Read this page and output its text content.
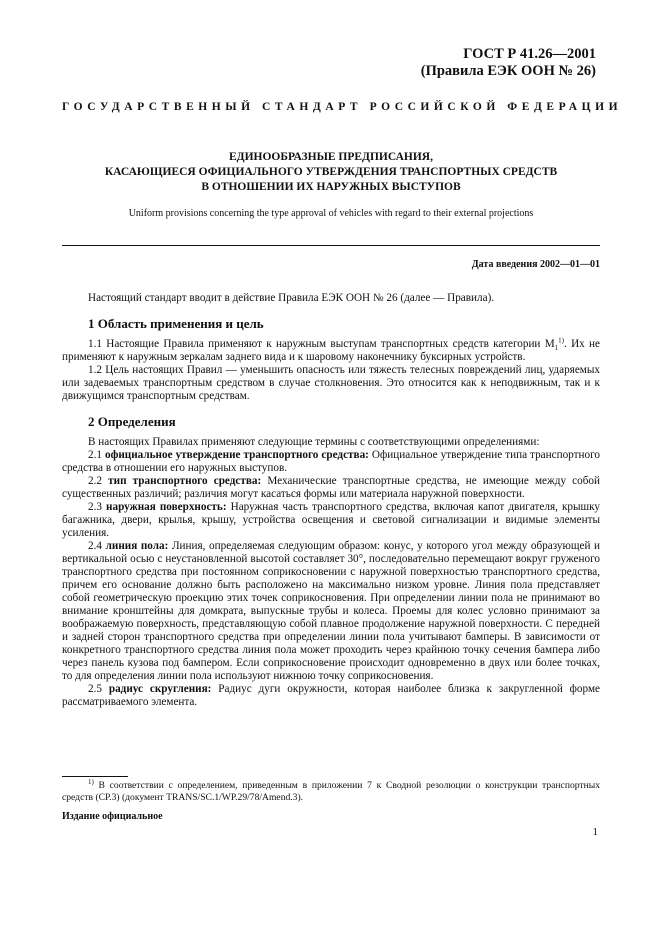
ГОСТ Р 41.26—2001
(Правила ЕЭК ООН № 26)
ГОСУДАРСТВЕННЫЙ СТАНДАРТ РОССИЙСКОЙ ФЕДЕРАЦИИ
ЕДИНООБРАЗНЫЕ ПРЕДПИСАНИЯ,
КАСАЮЩИЕСЯ ОФИЦИАЛЬНОГО УТВЕРЖДЕНИЯ ТРАНСПОРТНЫХ СРЕДСТВ
В ОТНОШЕНИИ ИХ НАРУЖНЫХ ВЫСТУПОВ
Uniform provisions concerning the type approval of vehicles with regard to their external projections
Дата введения 2002—01—01

Настоящий стандарт вводит в действие Правила ЕЭК ООН № 26 (далее — Правила).

1 Область применения и цель

1.1 Настоящие Правила применяют к наружным выступам транспортных средств категории $M_1^{1)}$. Их не применяют к наружным зеркалам заднего вида и к шаровому наконечнику буксирных устройств.

1.2 Цель настоящих Правил — уменьшить опасность или тяжесть телесных повреждений лиц, ударяемых или задеваемых транспортным средством в случае столкновения. Это относится как к неподвижным, так и к движущимся транспортным средствам.

2 Определения

В настоящих Правилах применяют следующие термины с соответствующими определениями:

2.1 официальное утверждение транспортного средства: Официальное утверждение типа транспортного средства в отношении его наружных выступов.

2.2 тип транспортного средства: Механические транспортные средства, не имеющие между собой существенных различий; различия могут касаться формы или материала наружной поверхности.

2.3 наружная поверхность: Наружная часть транспортного средства, включая капот двигателя, крышку багажника, двери, крылья, крышу, устройства освещения и световой сигнализации и видимые элементы усиления.

2.4 линия пола: Линия, определяемая следующим образом: конус, у которого угол между образующей и вертикальной осью с неустановленной высотой составляет 30°, последовательно перемещают вокруг груженого транспортного средства при постоянном соприкосновении с наружной поверхностью транспортного средства, причем его основание должно быть расположено на максимально низком уровне. Линия пола представляет собой геометрическую проекцию этих точек соприкосновения. При определении линии пола не принимают во внимание кронштейны для домкрата, выпускные трубы и колеса. Проемы для колес условно принимают за воображаемую поверхность, представляющую собой плавное продолжение наружной поверхности. С передней и задней сторон транспортного средства при определении линии пола учитывают бамперы. В зависимости от конкретного транспортного средства линия пола может проходить через крайнюю точку сечения бампера либо через панель кузова под бампером. Если соприкосновение происходит одновременно в двух или более точках, то для определения линии пола используют нижнюю точку соприкосновения.

2.5 радиус скругления: Радиус дуги окружности, которая наиболее близка к закругленной форме рассматриваемого элемента.

$^{1)}$ В соответствии с определением, приведенным в приложении 7 к Сводной резолюции о конструкции транспортных средств (СР.3) (документ TRANS/SC.1/WP.29/78/Amend.3).
Издание официальное
1
